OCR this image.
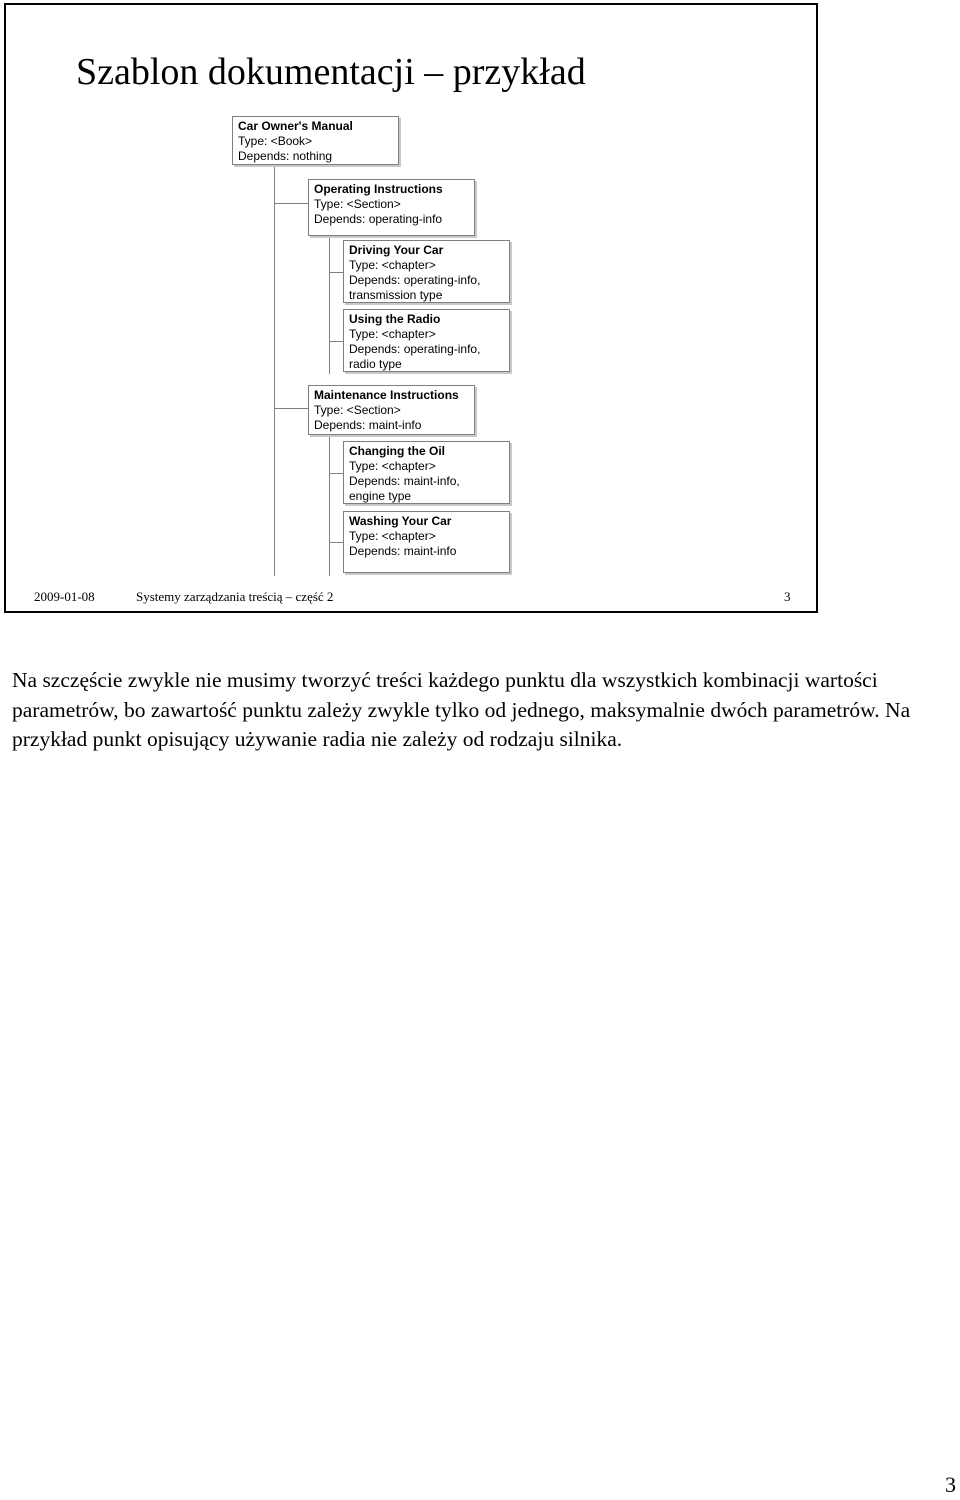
Szablon dokumentacji – przykład
Car Owner's Manual
Type: <Book>
Depends: nothing
Operating Instructions
Type: <Section>
Depends: operating-info
Driving Your Car
Type: <chapter>
Depends: operating-info,
transmission type
Using the Radio
Type: <chapter>
Depends: operating-info,
radio type
Maintenance Instructions
Type: <Section>
Depends: maint-info
Changing the Oil
Type: <chapter>
Depends: maint-info,
engine type
Washing Your Car
Type: <chapter>
Depends: maint-info
2009-01-08	Systemy zarządzania treścią – część 2	3

Na szczęście zwykle nie musimy tworzyć treści każdego punktu dla wszystkich kombinacji wartości parametrów, bo zawartość punktu zależy zwykle tylko od jednego, maksymalnie dwóch parametrów. Na przykład punkt opisujący używanie radia nie zależy od rodzaju silnika.

3
